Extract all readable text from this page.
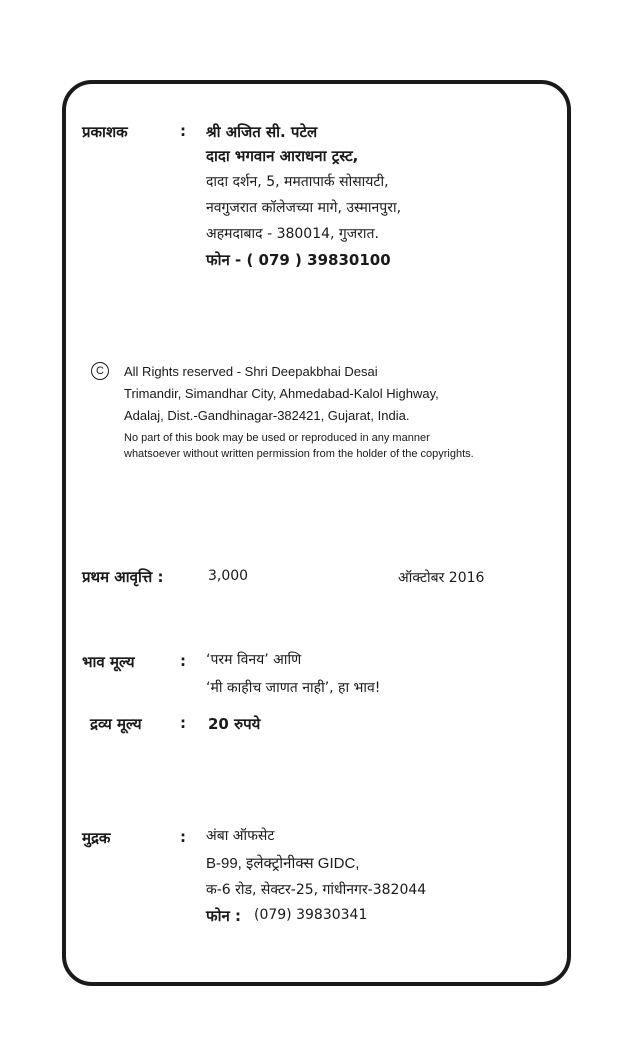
प्रकाशक	: श्री अजित सी. पटेल
दादा भगवान आराधना ट्रस्ट,
दादा दर्शन, 5, ममतापार्क सोसायटी,
नवगुजरात कॉलेजच्या मागे, उस्मानपुरा,
अहमदाबाद - 380014, गुजरात.
फोन - ( 079 ) 39830100
C	All Rights reserved - Shri Deepakbhai Desai
Trimandir, Simandhar City, Ahmedabad-Kalol Highway,
Adalaj, Dist.-Gandhinagar-382421, Gujarat, India.
No part of this book may be used or reproduced in any manner
whatsoever without written permission from the holder of the copyrights.
प्रथम आवृत्ति :	3,000	ऑक्टोबर 2016
भाव मूल्य	: ‘परम विनय’ आणि
‘मी काहीच जाणत नाही’, हा भाव!
द्रव्य मूल्य	: 20 रुपये
मुद्रक	: अंबा ऑफसेट
B-99, इलेक्ट्रोनीक्स GIDC,
क-6 रोड, सेक्टर-25, गांधीनगर-382044
फोन : (079) 39830341
